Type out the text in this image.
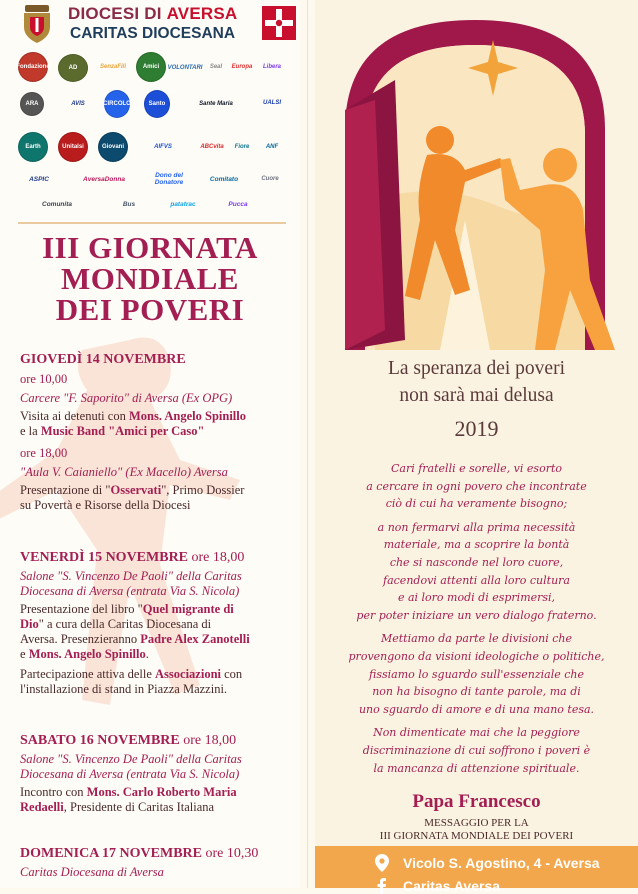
DIOCESI DI AVERSA
CARITAS DIOCESANA
Fondazione	AD	SenzaFili	Amici	VOLONTARI	Seal	Europa	Libera
ARA	AVIS	CIRCOLO	Santo	Sante Maria	UALSI
Earth	Unitalsi	Giovani	AIFVS	ABCvita	Fiore	ANF
ASPIC	AversaDonna	Dono del Donatore	Comitato	Cuore
Comunita	Bus	patatrac	Pucca
III GIORNATA
MONDIALE
DEI POVERI
GIOVEDÌ 14 NOVEMBRE
ore 10,00
Carcere "F. Saporito" di Aversa (Ex OPG)
Visita ai detenuti con Mons. Angelo Spinillo
e la Music Band "Amici per Caso"
ore 18,00
"Aula V. Caianiello" (Ex Macello) Aversa
Presentazione di "Osservati", Primo Dossier
su Povertà e Risorse della Diocesi
VENERDÌ 15 NOVEMBRE ore 18,00
Salone "S. Vincenzo De Paoli" della Caritas
Diocesana di Aversa (entrata Via S. Nicola)
Presentazione del libro "Quel migrante di
Dio" a cura della Caritas Diocesana di
Aversa. Presenzieranno Padre Alex Zanotelli
e Mons. Angelo Spinillo.
Partecipazione attiva delle Associazioni con
l'installazione di stand in Piazza Mazzini.
SABATO 16 NOVEMBRE ore 18,00
Salone "S. Vincenzo De Paoli" della Caritas
Diocesana di Aversa (entrata Via S. Nicola)
Incontro con Mons. Carlo Roberto Maria
Redaelli, Presidente di Caritas Italiana
DOMENICA 17 NOVEMBRE ore 10,30
Caritas Diocesana di Aversa
La speranza dei poveri
non sarà mai delusa
2019
Cari fratelli e sorelle, vi esorto
a cercare in ogni povero che incontrate
ciò di cui ha veramente bisogno;
a non fermarvi alla prima necessità
materiale, ma a scoprire la bontà
che si nasconde nel loro cuore,
facendovi attenti alla loro cultura
e ai loro modi di esprimersi,
per poter iniziare un vero dialogo fraterno.
Mettiamo da parte le divisioni che
provengono da visioni ideologiche o politiche,
fissiamo lo sguardo sull'essenziale che
non ha bisogno di tante parole, ma di
uno sguardo di amore e di una mano tesa.
Non dimenticate mai che la peggiore
discriminazione di cui soffrono i poveri è
la mancanza di attenzione spirituale.
Papa Francesco
MESSAGGIO PER LA
III GIORNATA MONDIALE DEI POVERI
Vicolo S. Agostino, 4 - Aversa
Caritas Aversa
